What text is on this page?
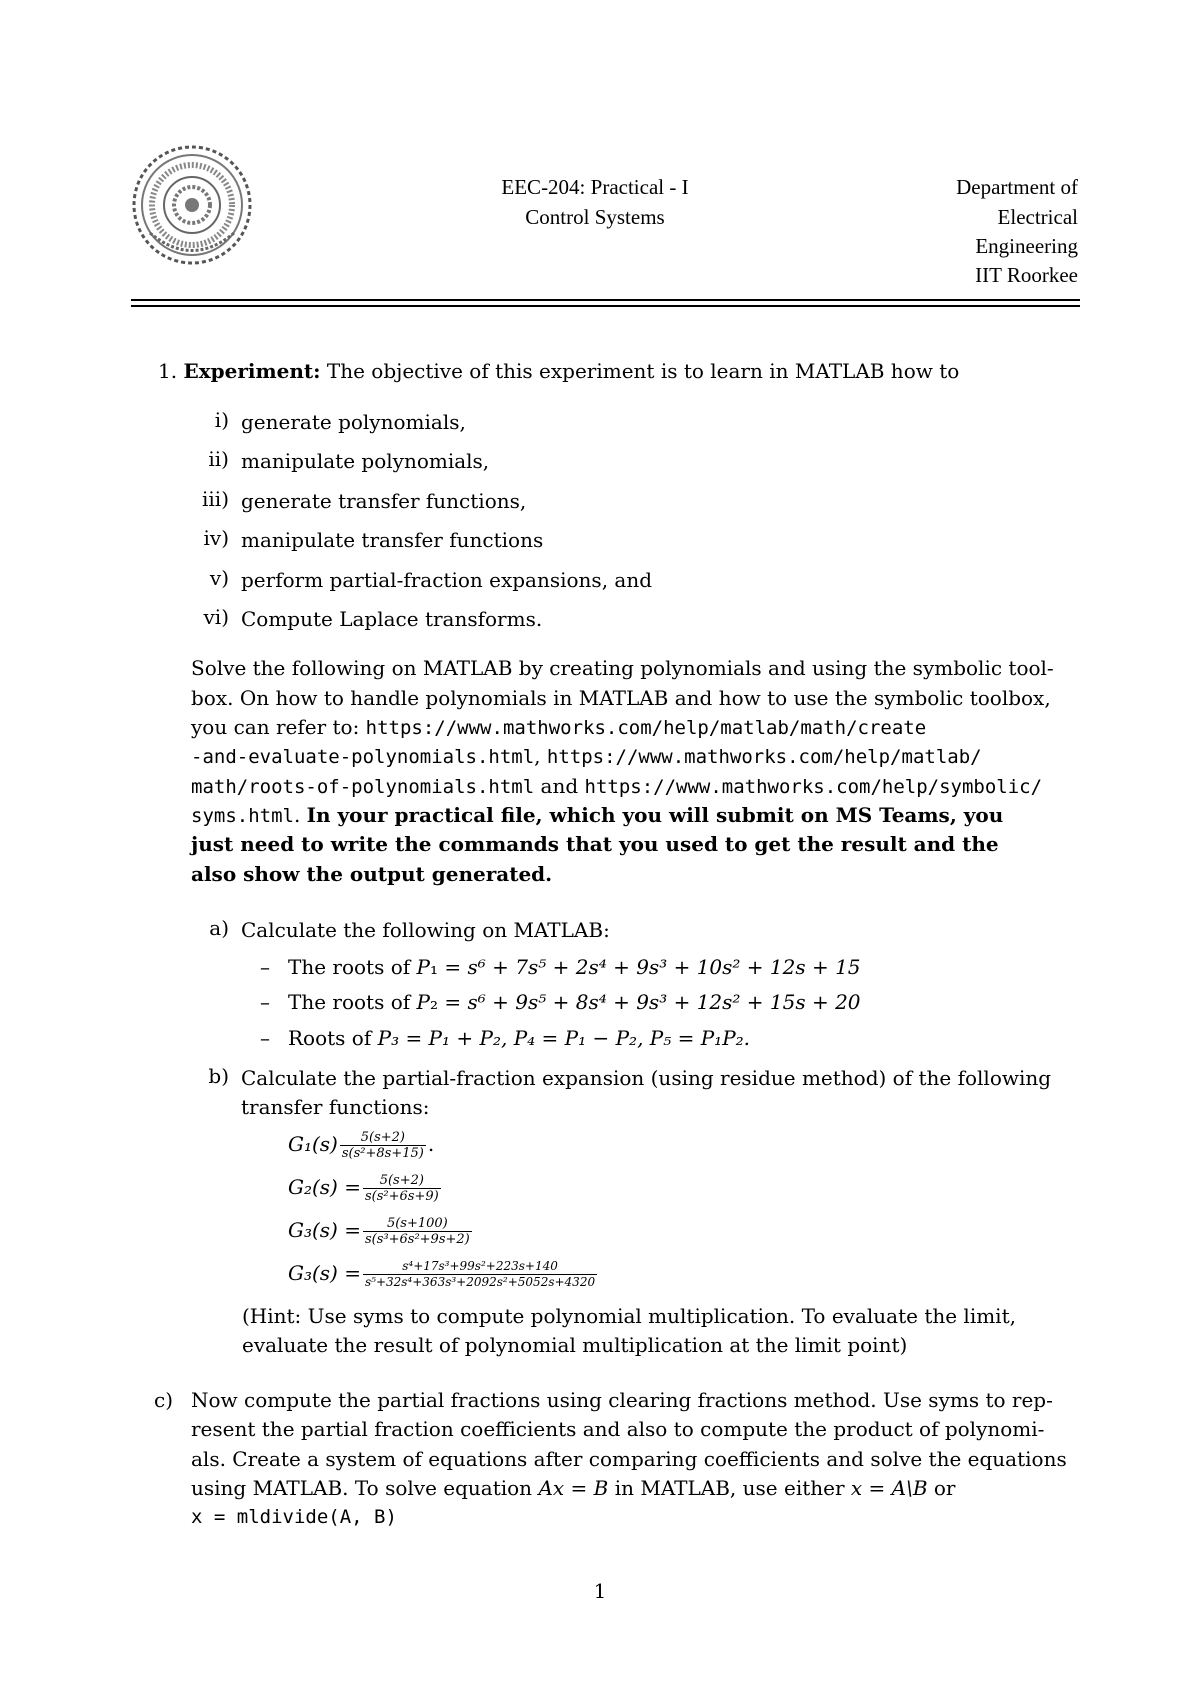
EEC-204: Practical - I
Control Systems
Department of
Electrical
Engineering
IIT Roorkee
1. Experiment: The objective of this experiment is to learn in MATLAB how to
i) generate polynomials,
ii) manipulate polynomials,
iii) generate transfer functions,
iv) manipulate transfer functions
v) perform partial-fraction expansions, and
vi) Compute Laplace transforms.
Solve the following on MATLAB by creating polynomials and using the symbolic tool-
box. On how to handle polynomials in MATLAB and how to use the symbolic toolbox,
you can refer to: https://www.mathworks.com/help/matlab/math/create
-and-evaluate-polynomials.html, https://www.mathworks.com/help/matlab/
math/roots-of-polynomials.html and https://www.mathworks.com/help/symbolic/
syms.html. In your practical file, which you will submit on MS Teams, you
just need to write the commands that you used to get the result and the
also show the output generated.
a) Calculate the following on MATLAB:
– The roots of P₁ = s⁶ + 7s⁵ + 2s⁴ + 9s³ + 10s² + 12s + 15
– The roots of P₂ = s⁶ + 9s⁵ + 8s⁴ + 9s³ + 12s² + 15s + 20
– Roots of P₃ = P₁ + P₂, P₄ = P₁ − P₂, P₅ = P₁P₂.
b) Calculate the partial-fraction expansion (using residue method) of the following
transfer functions:
$G_1(s) \frac{5(s+2)}{\text{s(s²+8s+15)}}$ .
$G_2(s) = \frac{5(s+2)}{\text{s(s²+6s+9)}}$
$G_3(s) = \frac{5(s+100)}{\text{s(s³+6s²+9s+2)}}$
$G_3(s) = \frac{\text{s⁴+17s³+99s²+223s+140}}{\text{s⁵+32s⁴+363s³+2092s²+5052s+4320}}$
(Hint: Use syms to compute polynomial multiplication. To evaluate the limit,
evaluate the result of polynomial multiplication at the limit point)
c) Now compute the partial fractions using clearing fractions method. Use syms to rep-
resent the partial fraction coefficients and also to compute the product of polynomi-
als. Create a system of equations after comparing coefficients and solve the equations
using MATLAB. To solve equation Ax = B in MATLAB, use either x = A\B or
x = mldivide(A, B)
1
